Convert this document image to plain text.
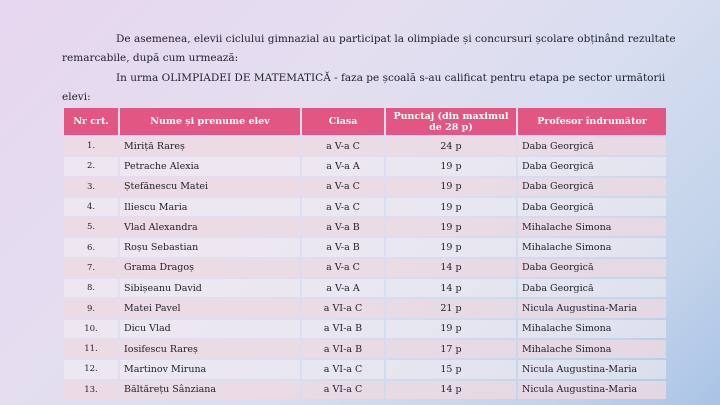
De asemenea, elevii ciclului gimnazial au participat la olimpiade și concursuri școlare obținând rezultate

remarcabile, după cum urmează:

In urma OLIMPIADEI DE MATEMATICĂ - faza pe școală s-au calificat pentru etapa pe sector următorii

elevi:

Nr crt.	Nume și prenume elev	Clasa	Punctaj (din maximul de 28 p)	Profesor îndrumător
1.	Miriță Rareș	a V-a C	24 p	Daba Georgică
2.	Petrache Alexia	a V-a A	19 p	Daba Georgică
3.	Ștefănescu Matei	a V-a C	19 p	Daba Georgică
4.	Iliescu Maria	a V-a C	19 p	Daba Georgică
5.	Vlad Alexandra	a V-a B	19 p	Mihalache Simona
6.	Roșu Sebastian	a V-a B	19 p	Mihalache Simona
7.	Grama Dragoș	a V-a C	14 p	Daba Georgică
8.	Sibișeanu David	a V-a A	14 p	Daba Georgică
9.	Matei Pavel	a VI-a C	21 p	Nicula Augustina-Maria
10.	Dicu Vlad	a VI-a B	19 p	Mihalache Simona
11.	Iosifescu Rareș	a VI-a B	17 p	Mihalache Simona
12.	Martinov Miruna	a VI-a C	15 p	Nicula Augustina-Maria
13.	Băltărețu Sânziana	a VI-a C	14 p	Nicula Augustina-Maria
